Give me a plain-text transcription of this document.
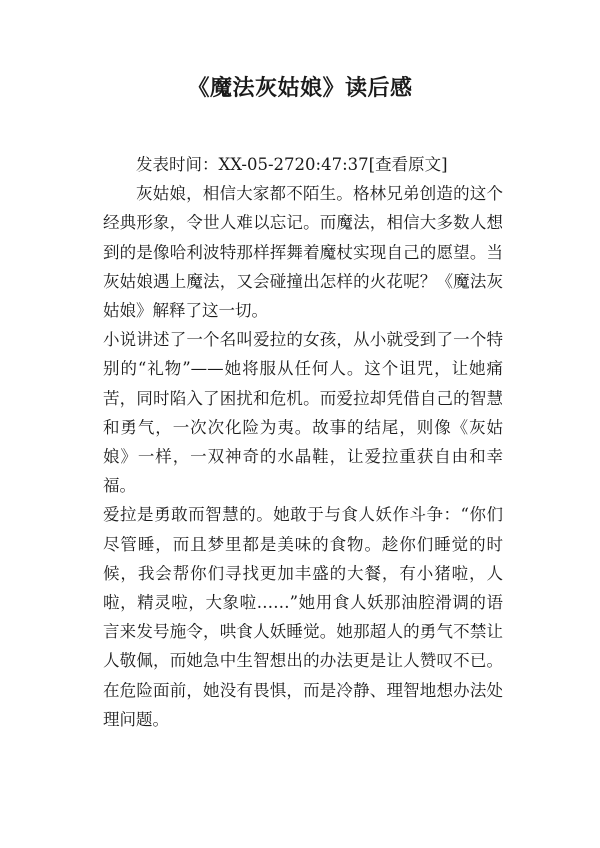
《魔法灰姑娘》读后感

发表时间：XX-05-2720:47:37[查看原文]

灰姑娘，相信大家都不陌生。格林兄弟创造的这个经典形象，令世人难以忘记。而魔法，相信大多数人想到的是像哈利波特那样挥舞着魔杖实现自己的愿望。当灰姑娘遇上魔法，又会碰撞出怎样的火花呢？《魔法灰姑娘》解释了这一切。

小说讲述了一个名叫爱拉的女孩，从小就受到了一个特别的“礼物”——她将服从任何人。这个诅咒，让她痛苦，同时陷入了困扰和危机。而爱拉却凭借自己的智慧和勇气，一次次化险为夷。故事的结尾，则像《灰姑娘》一样，一双神奇的水晶鞋，让爱拉重获自由和幸福。

爱拉是勇敢而智慧的。她敢于与食人妖作斗争：“你们尽管睡，而且梦里都是美味的食物。趁你们睡觉的时候，我会帮你们寻找更加丰盛的大餐，有小猪啦，人啦，精灵啦，大象啦……”她用食人妖那油腔滑调的语言来发号施令，哄食人妖睡觉。她那超人的勇气不禁让人敬佩，而她急中生智想出的办法更是让人赞叹不已。在危险面前，她没有畏惧，而是冷静、理智地想办法处理问题。
